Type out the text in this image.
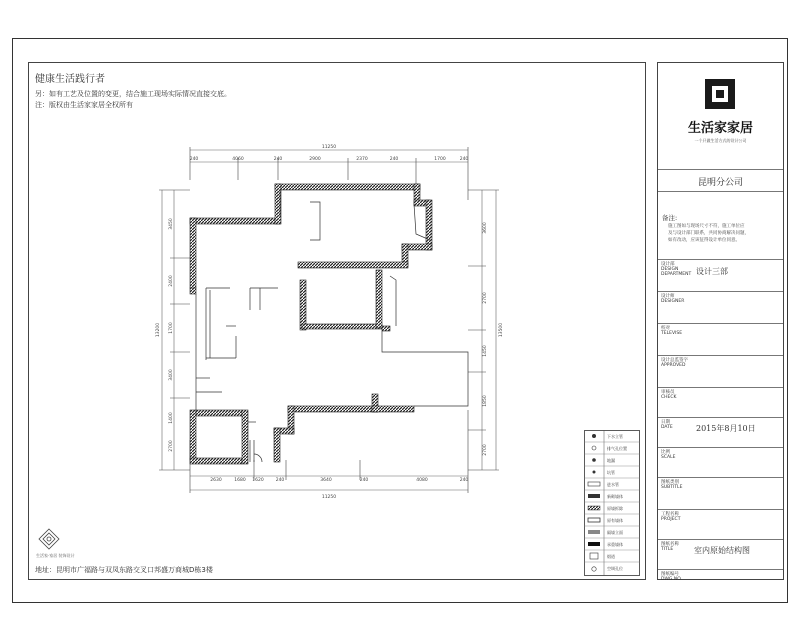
健康生活践行者
另：如有工艺及位置的变更，结合施工现场实际情况直接交底。
注：版权由生活家家居全权所有
11250
11250
240	4060	240	2900	2370	240	1700	240
2630	1680 1620	240	3640	240	4080	240
13200
3450
2400
1700
3400
1400
2700
13500
3600
2700
1450
1850
2700
下水立管
排气孔位置
地漏
坑管
进水管
新砌墙体
原墙拆除
原有墙体
隔墙立面
承重墙体
烟道
空调孔位
生活家·家居 装饰设计
地址：昆明市广福路与双凤东路交叉口邦盛万商城D栋3楼
生活家家居
一个只做生活方式的设计公司
昆明分公司
备注:
施工图如与现场尺寸不符，施工单位应
及与设计部门联系，共同协商解决问题，
如有改动，应该征得设计单位同意。
设计部
DESIGN
DEPARTMENT 设计三部
设计师
DESIGNER
校对
TELEVISE
设计总监签字
APPROVED
审核员
CHECK
日期
DATE	2015年8月10日
比例
SCALE
图纸类别
SUBTITLE
工程名称
PROJECT
图纸名称
TITLE	室内原始结构图
图纸编号
DWG NO
